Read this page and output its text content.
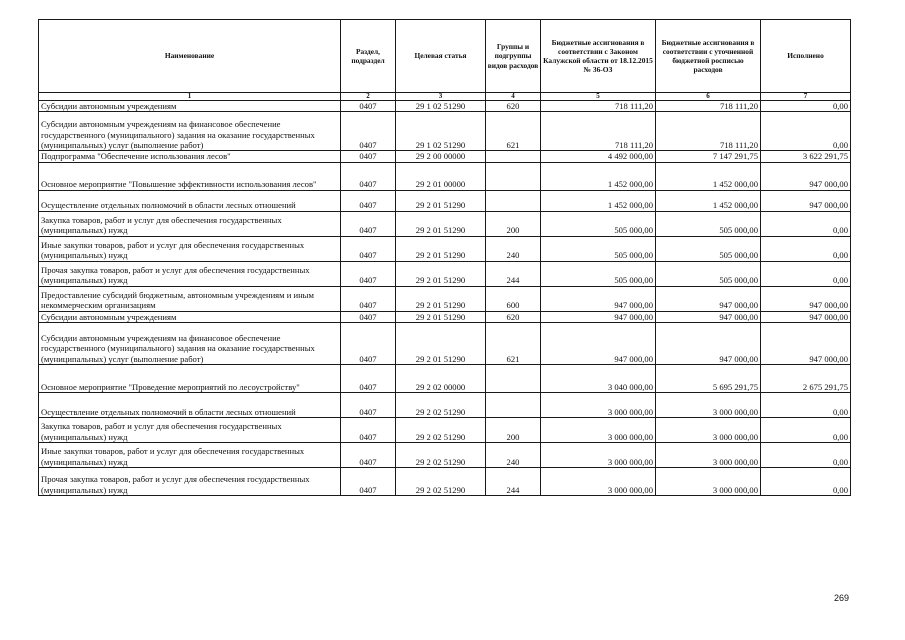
Наименование	Раздел, подраздел	Целевая статья	Группы и подгруппы видов расходов	Бюджетные ассигнования в соответствии с Законом Калужской области от 18.12.2015 № 36-ОЗ	Бюджетные ассигнования в соответствии с уточненной бюджетной росписью расходов	Исполнено
1	2	3	4	5	6	7
Субсидии автономным учреждениям	0407	29 1 02 51290	620	718 111,20	718 111,20	0,00
Субсидии автономным учреждениям на финансовое обеспечение государственного (муниципального) задания на оказание государственных (муниципальных) услуг (выполнение работ)	0407	29 1 02 51290	621	718 111,20	718 111,20	0,00
Подпрограмма "Обеспечение использования лесов"	0407	29 2 00 00000		4 492 000,00	7 147 291,75	3 622 291,75
Основное мероприятие "Повышение эффективности использования лесов"	0407	29 2 01 00000		1 452 000,00	1 452 000,00	947 000,00
Осуществление отдельных полномочий в области лесных отношений	0407	29 2 01 51290		1 452 000,00	1 452 000,00	947 000,00
Закупка товаров, работ и услуг для обеспечения государственных (муниципальных) нужд	0407	29 2 01 51290	200	505 000,00	505 000,00	0,00
Иные закупки товаров, работ и услуг для обеспечения государственных (муниципальных) нужд	0407	29 2 01 51290	240	505 000,00	505 000,00	0,00
Прочая закупка товаров, работ и услуг для обеспечения государственных (муниципальных) нужд	0407	29 2 01 51290	244	505 000,00	505 000,00	0,00
Предоставление субсидий бюджетным, автономным учреждениям и иным некоммерческим организациям	0407	29 2 01 51290	600	947 000,00	947 000,00	947 000,00
Субсидии автономным учреждениям	0407	29 2 01 51290	620	947 000,00	947 000,00	947 000,00
Субсидии автономным учреждениям на финансовое обеспечение государственного (муниципального) задания на оказание государственных (муниципальных) услуг (выполнение работ)	0407	29 2 01 51290	621	947 000,00	947 000,00	947 000,00
Основное мероприятие "Проведение мероприятий по лесоустройству"	0407	29 2 02 00000		3 040 000,00	5 695 291,75	2 675 291,75
Осуществление отдельных полномочий в области лесных отношений	0407	29 2 02 51290		3 000 000,00	3 000 000,00	0,00
Закупка товаров, работ и услуг для обеспечения государственных (муниципальных) нужд	0407	29 2 02 51290	200	3 000 000,00	3 000 000,00	0,00
Иные закупки товаров, работ и услуг для обеспечения государственных (муниципальных) нужд	0407	29 2 02 51290	240	3 000 000,00	3 000 000,00	0,00
Прочая закупка товаров, работ и услуг для обеспечения государственных (муниципальных) нужд	0407	29 2 02 51290	244	3 000 000,00	3 000 000,00	0,00
269
